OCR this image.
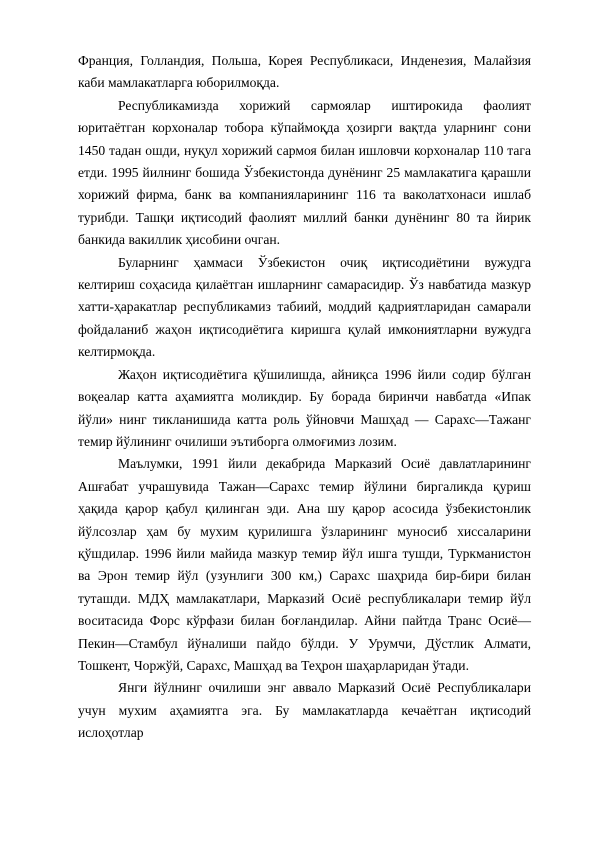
Франция, Голландия, Польша, Корея Республикаси, Инденезия, Малайзия каби мамлакатларга юборилмоқда.

Республикамизда хорижий сармоялар иштирокида фаолият юритаётган корхоналар тобора кўпаймоқда ҳозирги вақтда уларнинг сони 1450 тадан ошди, нуқул хорижий сармоя билан ишловчи корхоналар 110 тага етди. 1995 йилнинг бошида Ўзбекистонда дунёнинг 25 мамлакатига қарашли хорижий фирма, банк ва компанияларининг 116 та ваколатхонаси ишлаб турибди. Ташқи иқтисодий фаолият миллий банки дунёнинг 80 та йирик банкида вакиллик ҳисобини очган.

Буларнинг ҳаммаси Ўзбекистон очиқ иқтисодиётини вужудга келтириш соҳасида қилаётган ишларнинг самарасидир. Ўз навбатида мазкур хатти-ҳаракатлар республикамиз табиий, моддий қадриятларидан самарали фойдаланиб жаҳон иқтисодиётига киришга қулай имкониятларни вужудга келтирмоқда.

Жаҳон иқтисодиётига қўшилишда, айниқса 1996 йили содир бўлган воқеалар катта аҳамиятга моликдир. Бу борада биринчи навбатда «Ипак йўли» нинг тикланишида катта роль ўйновчи Машҳад — Сарахс—Тажанг темир йўлининг очилиши эътиборга олмоғимиз лозим.

Маълумки, 1991 йили декабрида Марказий Осиё давлатларининг Ашғабат учрашувида Тажан—Сарахс темир йўлини биргаликда қуриш ҳақида қарор қабул қилинган эди. Ана шу қарор асосида ўзбекистонлик йўлсозлар ҳам бу мухим қурилишга ўзларининг муносиб хиссаларини қўшдилар. 1996 йили майида мазкур темир йўл ишга тушди, Туркманистон ва Эрон темир йўл (узунлиги 300 км,) Сарахс шаҳрида бир-бири билан туташди. МДҲ мамлакатлари, Марказий Осиё республикалари темир йўл воситасида Форс кўрфази билан боғландилар. Айни пайтда Транс Осиё—Пекин—Стамбул йўналиши пайдо бўлди. У Урумчи, Дўстлик Алмати, Тошкент, Чоржўй, Сарахс, Машҳад ва Теҳрон шаҳарларидан ўтади.

Янги йўлнинг очилиши энг аввало Марказий Осиё Республикалари учун мухим аҳамиятга эга. Бу мамлакатларда кечаётган иқтисодий ислоҳотлар
